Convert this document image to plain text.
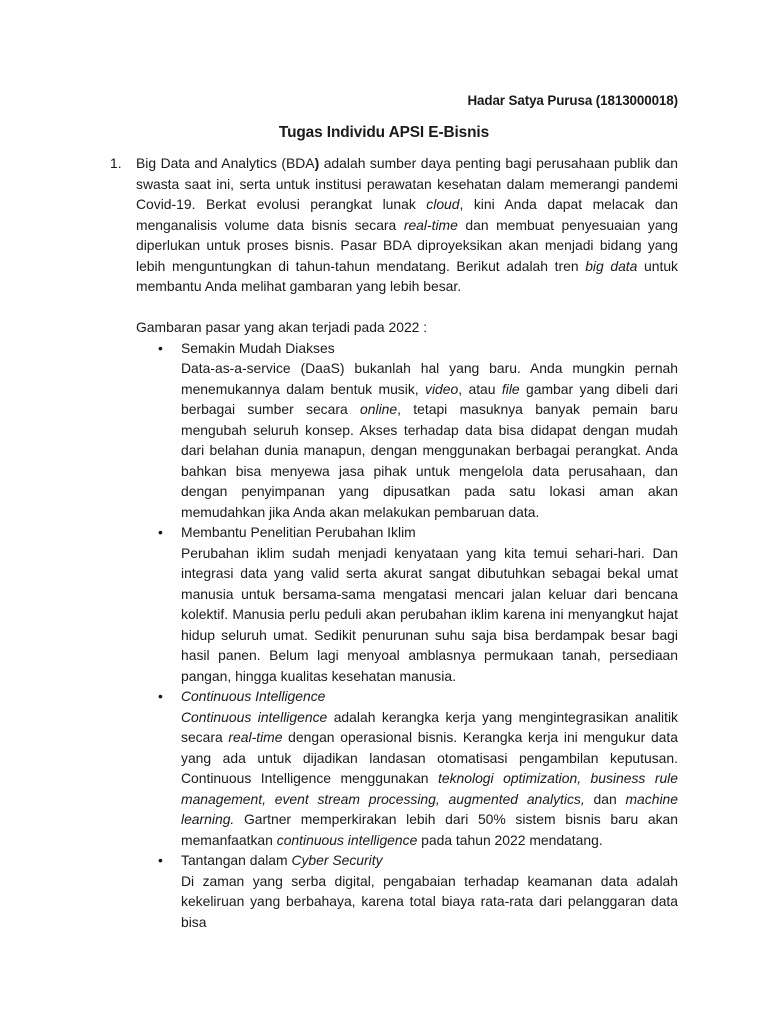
Hadar Satya Purusa (1813000018)
Tugas Individu APSI E-Bisnis
1. Big Data and Analytics (BDA) adalah sumber daya penting bagi perusahaan publik dan swasta saat ini, serta untuk institusi perawatan kesehatan dalam memerangi pandemi Covid-19. Berkat evolusi perangkat lunak cloud, kini Anda dapat melacak dan menganalisis volume data bisnis secara real-time dan membuat penyesuaian yang diperlukan untuk proses bisnis. Pasar BDA diproyeksikan akan menjadi bidang yang lebih menguntungkan di tahun-tahun mendatang. Berikut adalah tren big data untuk membantu Anda melihat gambaran yang lebih besar.

Gambaran pasar yang akan terjadi pada 2022 :

• Semakin Mudah Diakses
Data-as-a-service (DaaS) bukanlah hal yang baru. Anda mungkin pernah menemukannya dalam bentuk musik, video, atau file gambar yang dibeli dari berbagai sumber secara online, tetapi masuknya banyak pemain baru mengubah seluruh konsep. Akses terhadap data bisa didapat dengan mudah dari belahan dunia manapun, dengan menggunakan berbagai perangkat. Anda bahkan bisa menyewa jasa pihak untuk mengelola data perusahaan, dan dengan penyimpanan yang dipusatkan pada satu lokasi aman akan memudahkan jika Anda akan melakukan pembaruan data.
• Membantu Penelitian Perubahan Iklim
Perubahan iklim sudah menjadi kenyataan yang kita temui sehari-hari. Dan integrasi data yang valid serta akurat sangat dibutuhkan sebagai bekal umat manusia untuk bersama-sama mengatasi mencari jalan keluar dari bencana kolektif. Manusia perlu peduli akan perubahan iklim karena ini menyangkut hajat hidup seluruh umat. Sedikit penurunan suhu saja bisa berdampak besar bagi hasil panen. Belum lagi menyoal amblasnya permukaan tanah, persediaan pangan, hingga kualitas kesehatan manusia.
• Continuous Intelligence
Continuous intelligence adalah kerangka kerja yang mengintegrasikan analitik secara real-time dengan operasional bisnis. Kerangka kerja ini mengukur data yang ada untuk dijadikan landasan otomatisasi pengambilan keputusan. Continuous Intelligence menggunakan teknologi optimization, business rule management, event stream processing, augmented analytics, dan machine learning. Gartner memperkirakan lebih dari 50% sistem bisnis baru akan memanfaatkan continuous intelligence pada tahun 2022 mendatang.
• Tantangan dalam Cyber Security
Di zaman yang serba digital, pengabaian terhadap keamanan data adalah kekeliruan yang berbahaya, karena total biaya rata-rata dari pelanggaran data bisa
